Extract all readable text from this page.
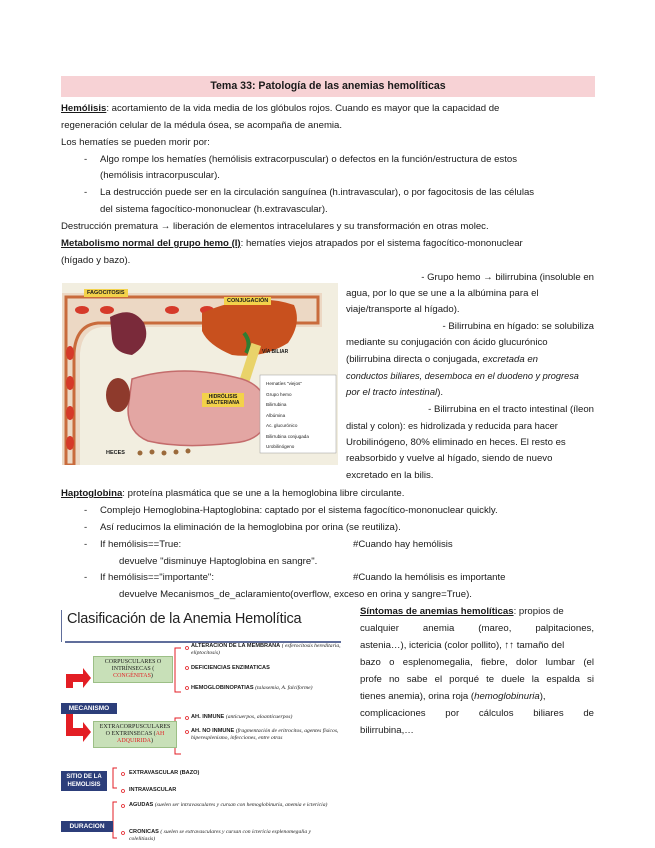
Tema 33: Patología de las anemias hemolíticas
Hemólisis: acortamiento de la vida media de los glóbulos rojos. Cuando es mayor que la capacidad de
regeneración celular de la médula ósea, se acompaña de anemia.
Los hematíes se pueden morir por:
- Algo rompe los hematíes (hemólisis extracorpuscular) o defectos en la función/estructura de estos
(hemólisis intracorpuscular).
- La destrucción puede ser en la circulación sanguínea (h.intravascular), o por fagocitosis de las células
del sistema fagocítico-mononuclear (h.extravascular).
Destrucción prematura → liberación de elementos intracelulares y su transformación en otras molec.
Metabolismo normal del grupo hemo (I): hematíes viejos atrapados por el sistema fagocítico-mononuclear
(hígado y bazo).
- Grupo hemo → bilirrubina (insoluble en
agua, por lo que se une a la albúmina para el
viaje/transporte al hígado).
- Bilirrubina en hígado: se solubiliza
mediante su conjugación con ácido glucurónico
(bilirrubina directa o conjugada, excretada en
conductos biliares, desemboca en el duodeno y progresa
por el tracto intestinal).
- Bilirrubina en el tracto intestinal (íleon
distal y colon): es hidrolizada y reducida para hacer
Urobilinógeno, 80% eliminado en heces. El resto es
reabsorbido y vuelve al hígado, siendo de nuevo
excretado en la bilis.
FAGOCITOSIS
CONJUGACIÓN
VÍA BILIAR
HIDRÓLISIS BACTERIANA
HECES
Hematíes "viejos"
Grupo hemo
Bilirrubina
Albúmina
Ac. glucurónico
Bilirrubina conjugada
Urobilinógeno
Haptoglobina: proteína plasmática que se une a la hemoglobina libre circulante.
- Complejo Hemoglobina-Haptoglobina: captado por el sistema fagocítico-mononuclear quickly.
- Así reducimos la eliminación de la hemoglobina por orina (se reutiliza).
- If hemólisis==True:	#Cuando hay hemólisis
devuelve "disminuye Haptoglobina en sangre".
- If hemólisis=="importante":	#Cuando la hemólisis es importante
devuelve Mecanismos_de_aclaramiento(overflow, exceso en orina y sangre=True).
Síntomas de anemias hemolíticas: propios de
cualquier anemia (mareo, palpitaciones,
astenia…), ictericia (color pollito), ↑↑ tamaño del
bazo o esplenomegalia, fiebre, dolor lumbar (el
profe no sabe el porqué te duele la espalda si
tienes anemia), orina roja (hemoglobinuria),
complicaciones por cálculos biliares de
bilirrubina,…
Clasificación de la Anemia Hemolítica
CORPUSCULARES O
INTRÍNSECAS (
CONGÉNITAS)
ALTERACION DE LA MEMBRANA ( esferocitosis hereditaria, eliptocitosis)
DEFICIENCIAS ENZIMATICAS
HEMOGLOBINOPATIAS (talasemia, A. falciforme)
MECANISMO
EXTRACORPUSCULARES
O EXTRINSECAS (AH
ADQUIRIDA)
AH. INMUNE (anticuerpos, aloanticuerpos)
AH. NO INMUNE (fragmentación de eritrocitos, agentes físicos, hiperesplenismo, infecciones, entre otras
SITIO DE LA
HEMOLISIS
EXTRAVASCULAR (BAZO)
INTRAVASCULAR
DURACION
AGUDAS (suelen ser intravasculares y cursan con hemoglobinuria, anemia e ictericia)
CRONICAS ( suelen se extravasculares y cursan con ictericia esplenomegalia y colelitiasis)
